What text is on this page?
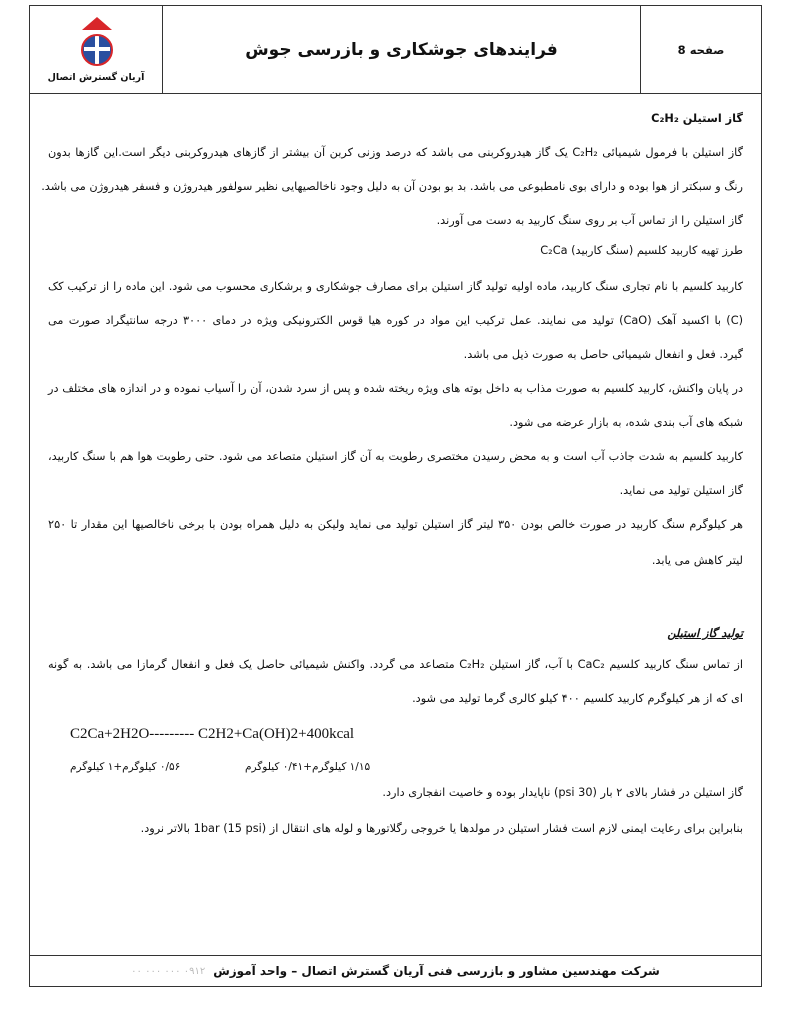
آریان گسترش اتصال
فرایندهای جوشکاری و بازرسی جوش	صفحه 8
گاز استیلن C₂H₂
گاز استیلن با فرمول شیمیائی C₂H₂ یک گاز هیدروکربنی می باشد که درصد وزنی کربن آن بیشتر از گازهای هیدروکربنی دیگر است.این گازها بدون
رنگ و سبکتر از هوا بوده و دارای بوی نامطبوعی می باشد. بد بو بودن آن به دلیل وجود ناخالصیهایی نظیر سولفور هیدروژن و فسفر هیدروژن می باشد.
گاز استیلن را از تماس آب بر روی سنگ کاربید به دست می آورند.
طرز تهیه کاربید کلسیم (سنگ کاربید) C₂Ca
کاربید کلسیم با نام تجاری سنگ کاربید، ماده اولیه تولید گاز استیلن برای مصارف جوشکاری و برشکاری محسوب می شود. این ماده را از ترکیب کک
(C) با اکسید آهک (CaO) تولید می نمایند. عمل ترکیب این مواد در کوره هیا قوس الکترونیکی ویژه در دمای ۳۰۰۰ درجه سانتیگراد صورت می
گیرد. فعل و انفعال شیمیائی حاصل به صورت ذیل می باشد.
در پایان واکنش، کاربید کلسیم به صورت مذاب به داخل بوته های ویژه ریخته شده و پس از سرد شدن، آن را آسیاب نموده و در اندازه های مختلف در
شبکه های آب بندی شده، به بازار عرضه می شود.
کاربید کلسیم به شدت جاذب آب است و به محض رسیدن مختصری رطوبت به آن گاز استیلن متصاعد می شود. حتی رطوبت هوا هم با سنگ کاربید،
گاز استیلن تولید می نماید.
هر کیلوگرم سنگ کاربید در صورت خالص بودن ۳۵۰ لیتر گاز استیلن تولید می نماید ولیکن به دلیل همراه بودن با برخی ناخالصیها این مقدار تا ۲۵۰
لیتر کاهش می یابد.
تولید گاز استیلن
از تماس سنگ کاربید کلسیم CaC₂ با آب، گاز استیلن C₂H₂ متصاعد می گردد. واکنش شیمیائی حاصل یک فعل و انفعال گرمازا می باشد. به گونه
ای که از هر کیلوگرم کاربید کلسیم ۴۰۰ کیلو کالری گرما تولید می شود.
C2Ca+2H2O--------- C2H2+Ca(OH)2+400kcal
۱/۱۵ کیلوگرم+۰/۴۱ کیلوگرم
۰/۵۶ کیلوگرم+۱ کیلوگرم
گاز استیلن در فشار بالای ۲ بار (30 psi) ناپایدار بوده و خاصیت انفجاری دارد.
بنابراین برای رعایت ایمنی لازم است فشار استیلن در مولدها یا خروجی رگلاتورها و لوله های انتقال از 1bar (15 psi) بالاتر نرود.
شرکت مهندسین مشاور و بازرسی فنی آریان گسترش اتصال – واحد آموزش
۰۹۱۲ ۰۰۰ ۰۰۰ ۰۰
